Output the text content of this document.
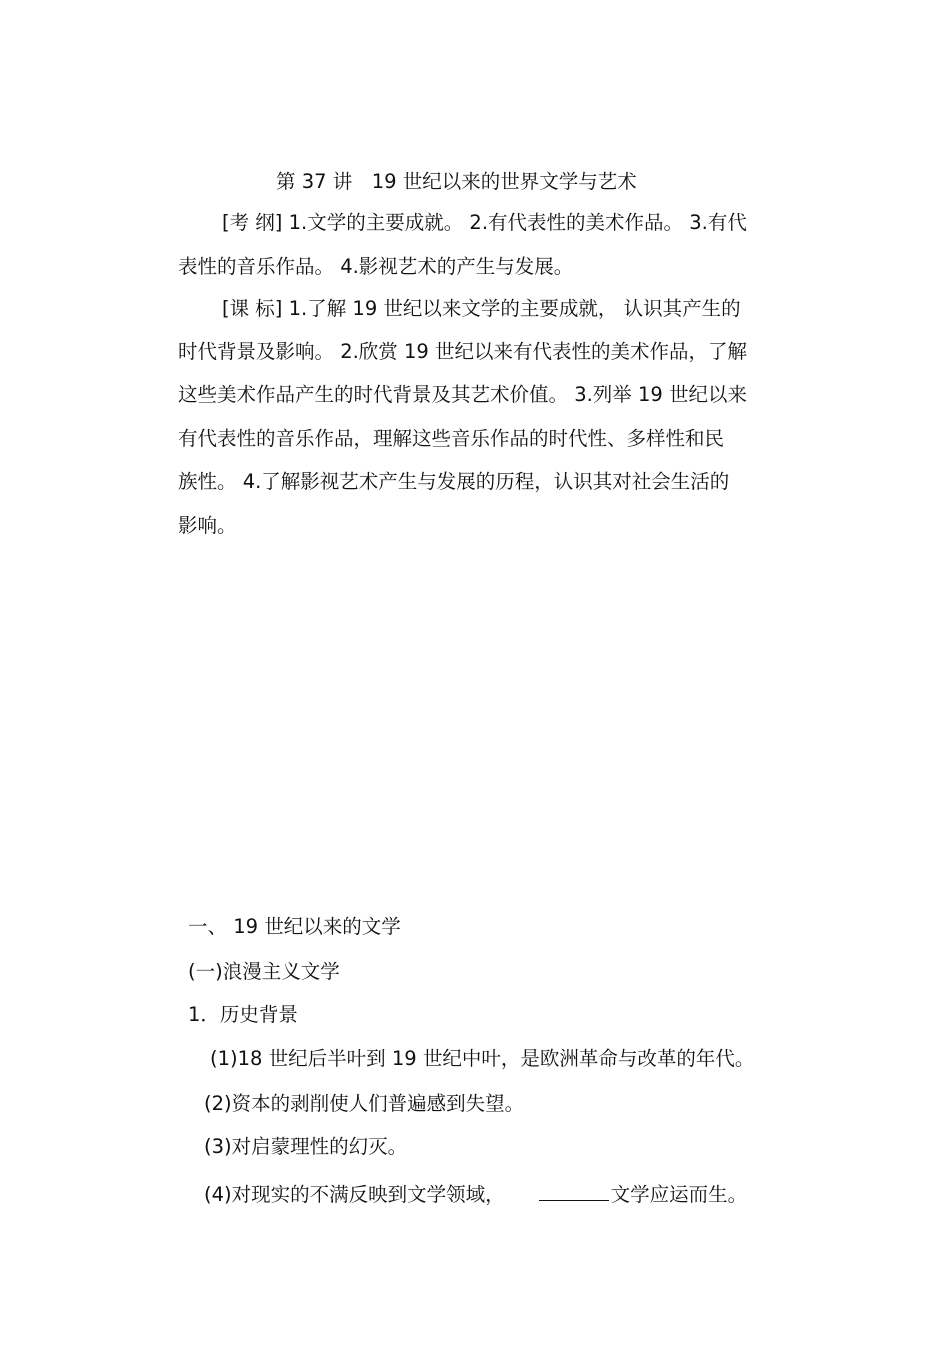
第 37 讲　19 世纪以来的世界文学与艺术
[考 纲] 1.文学的主要成就。 2.有代表性的美术作品。 3.有代
表性的音乐作品。 4.影视艺术的产生与发展。
[课 标] 1.了解 19 世纪以来文学的主要成就， 认识其产生的
时代背景及影响。 2.欣赏 19 世纪以来有代表性的美术作品，了解
这些美术作品产生的时代背景及其艺术价值。 3.列举 19 世纪以来
有代表性的音乐作品，理解这些音乐作品的时代性、多样性和民
族性。 4.了解影视艺术产生与发展的历程，认识其对社会生活的
影响。
一、 19 世纪以来的文学
(一)浪漫主义文学
1．历史背景
(1)18 世纪后半叶到 19 世纪中叶，是欧洲革命与改革的年代。
(2)资本的剥削使人们普遍感到失望。
(3)对启蒙理性的幻灭。
(4)对现实的不满反映到文学领域，	文学应运而生。
